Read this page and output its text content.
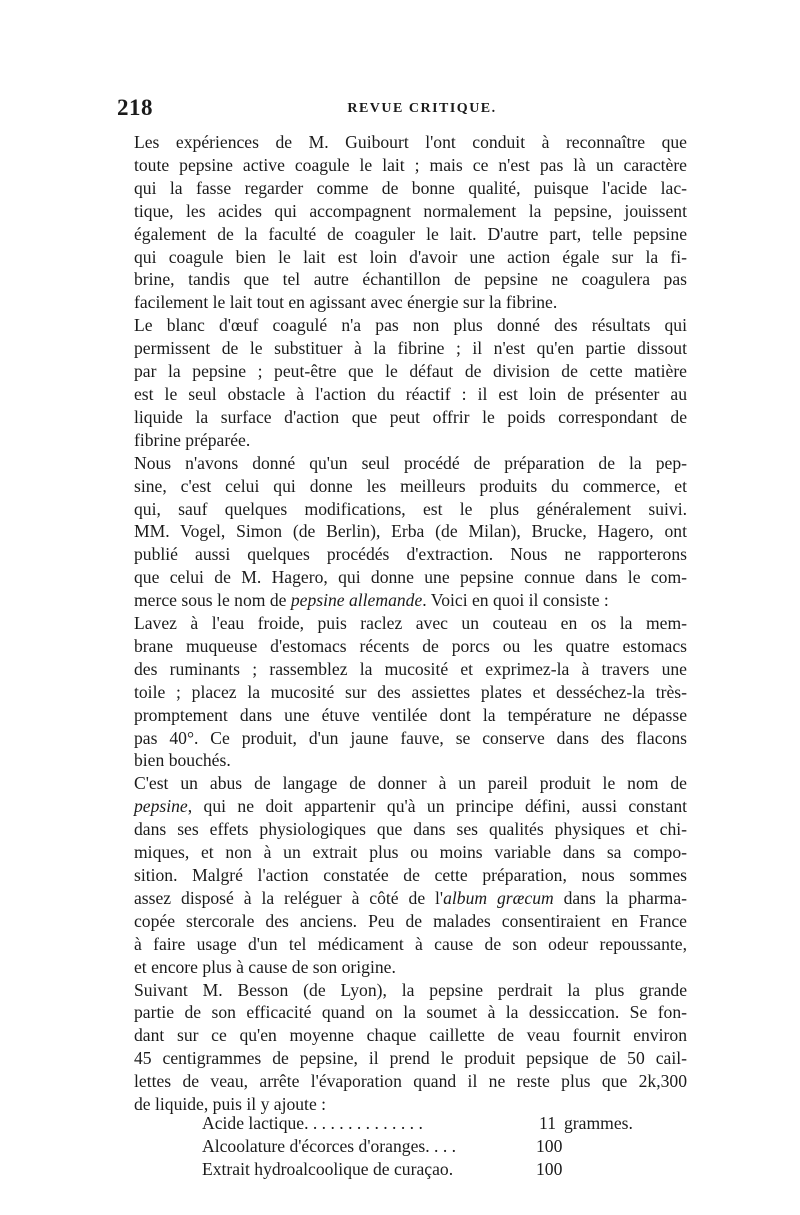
218	REVUE CRITIQUE.
Les expériences de M. Guibourt l'ont conduit à reconnaître que
toute pepsine active coagule le lait ; mais ce n'est pas là un caractère
qui la fasse regarder comme de bonne qualité, puisque l'acide lac-
tique, les acides qui accompagnent normalement la pepsine, jouissent
également de la faculté de coaguler le lait. D'autre part, telle pepsine
qui coagule bien le lait est loin d'avoir une action égale sur la fi-
brine, tandis que tel autre échantillon de pepsine ne coagulera pas
facilement le lait tout en agissant avec énergie sur la fibrine.
Le blanc d'œuf coagulé n'a pas non plus donné des résultats qui
permissent de le substituer à la fibrine ; il n'est qu'en partie dissout
par la pepsine ; peut-être que le défaut de division de cette matière
est le seul obstacle à l'action du réactif : il est loin de présenter au
liquide la surface d'action que peut offrir le poids correspondant de
fibrine préparée.
Nous n'avons donné qu'un seul procédé de préparation de la pep-
sine, c'est celui qui donne les meilleurs produits du commerce, et
qui, sauf quelques modifications, est le plus généralement suivi.
MM. Vogel, Simon (de Berlin), Erba (de Milan), Brucke, Hagero, ont
publié aussi quelques procédés d'extraction. Nous ne rapporterons
que celui de M. Hagero, qui donne une pepsine connue dans le com-
merce sous le nom de pepsine allemande. Voici en quoi il consiste :
Lavez à l'eau froide, puis raclez avec un couteau en os la mem-
brane muqueuse d'estomacs récents de porcs ou les quatre estomacs
des ruminants ; rassemblez la mucosité et exprimez-la à travers une
toile ; placez la mucosité sur des assiettes plates et desséchez-la très-
promptement dans une étuve ventilée dont la température ne dépasse
pas 40°. Ce produit, d'un jaune fauve, se conserve dans des flacons
bien bouchés.
C'est un abus de langage de donner à un pareil produit le nom de
pepsine, qui ne doit appartenir qu'à un principe défini, aussi constant
dans ses effets physiologiques que dans ses qualités physiques et chi-
miques, et non à un extrait plus ou moins variable dans sa compo-
sition. Malgré l'action constatée de cette préparation, nous sommes
assez disposé à la reléguer à côté de l'album græcum dans la pharma-
copée stercorale des anciens. Peu de malades consentiraient en France
à faire usage d'un tel médicament à cause de son odeur repoussante,
et encore plus à cause de son origine.
Suivant M. Besson (de Lyon), la pepsine perdrait la plus grande
partie de son efficacité quand on la soumet à la dessiccation. Se fon-
dant sur ce qu'en moyenne chaque caillette de veau fournit environ
45 centigrammes de pepsine, il prend le produit pepsique de 50 cail-
lettes de veau, arrête l'évaporation quand il ne reste plus que 2k,300
de liquide, puis il y ajoute :
Acide lactique. . . . . . . . . . . . . .	11 grammes.
Alcoolature d'écorces d'oranges. . . .	100
Extrait hydroalcoolique de curaçao.	100
